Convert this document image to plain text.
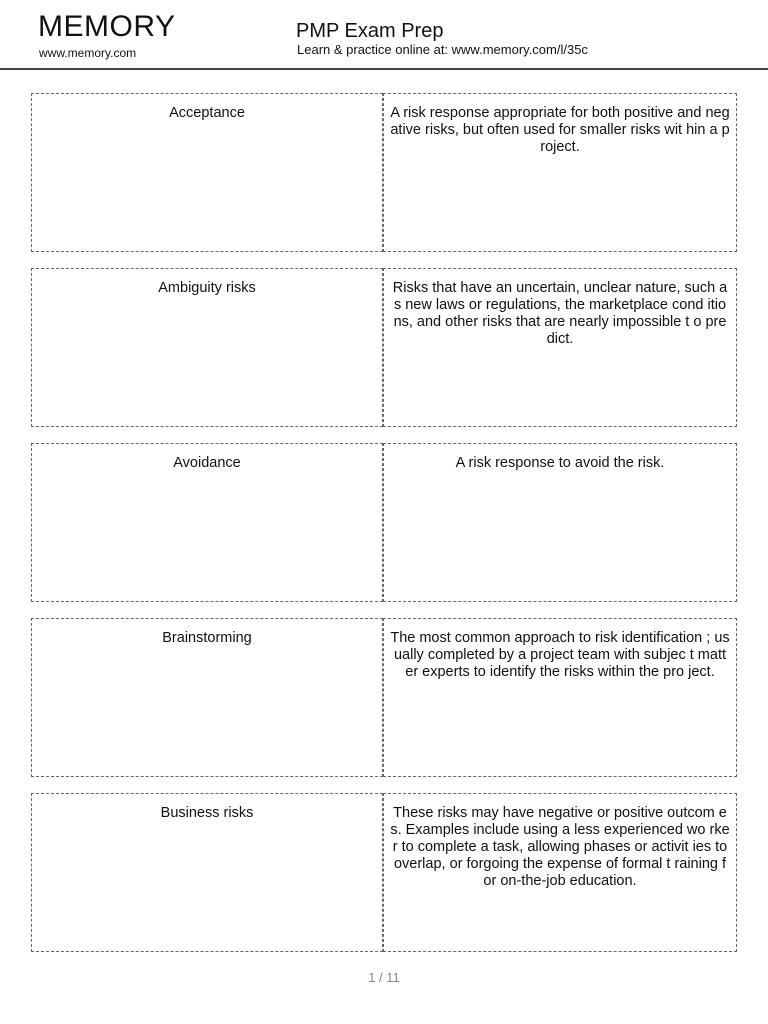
MEMORY
www.memory.com
PMP Exam Prep
Learn & practice online at: www.memory.com/l/35c
Acceptance	A risk response appropriate for both positive and negative risks, but often used for smaller risks wit hin a project.
Ambiguity risks	Risks that have an uncertain, unclear nature, such as new laws or regulations, the marketplace cond itions, and other risks that are nearly impossible t o predict.
Avoidance	A risk response to avoid the risk.
Brainstorming	The most common approach to risk identification ; usually completed by a project team with subjec t matter experts to identify the risks within the pro ject.
Business risks	These risks may have negative or positive outcom es. Examples include using a less experienced wo rker to complete a task, allowing phases or activit ies to overlap, or forgoing the expense of formal t raining for on-the-job education.
1 / 11
